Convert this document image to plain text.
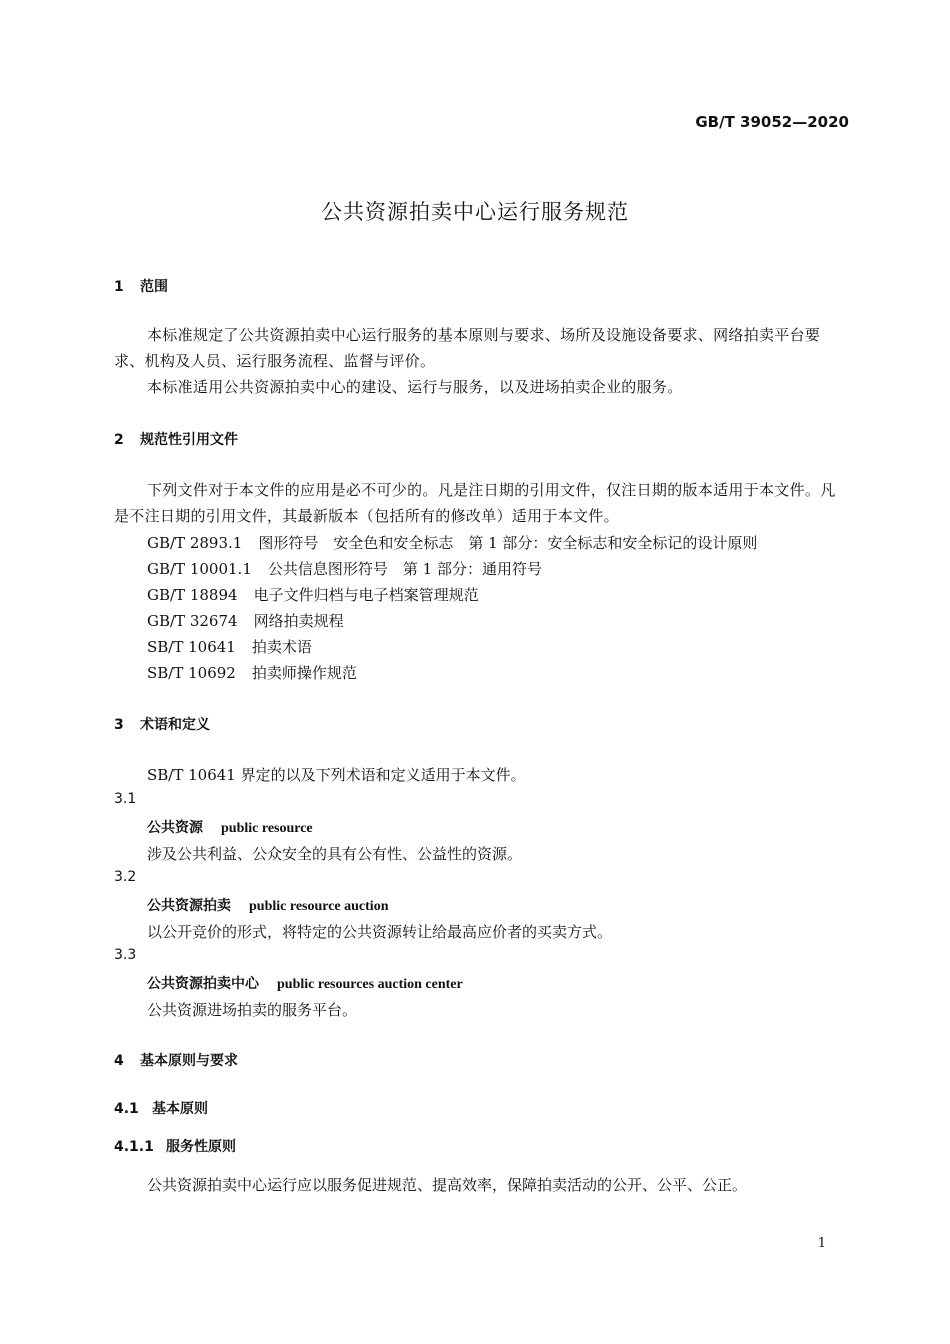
GB/T 39052—2020
公共资源拍卖中心运行服务规范
1 范围
本标准规定了公共资源拍卖中心运行服务的基本原则与要求、场所及设施设备要求、网络拍卖平台要求、机构及人员、运行服务流程、监督与评价。
本标准适用公共资源拍卖中心的建设、运行与服务，以及进场拍卖企业的服务。
2 规范性引用文件
下列文件对于本文件的应用是必不可少的。凡是注日期的引用文件，仅注日期的版本适用于本文件。凡是不注日期的引用文件，其最新版本（包括所有的修改单）适用于本文件。
GB/T 2893.1 图形符号　安全色和安全标志　第 1 部分：安全标志和安全标记的设计原则
GB/T 10001.1 公共信息图形符号　第 1 部分：通用符号
GB/T 18894 电子文件归档与电子档案管理规范
GB/T 32674 网络拍卖规程
SB/T 10641 拍卖术语
SB/T 10692 拍卖师操作规范
3 术语和定义
SB/T 10641 界定的以及下列术语和定义适用于本文件。
3.1
公共资源 public resource
涉及公共利益、公众安全的具有公有性、公益性的资源。
3.2
公共资源拍卖 public resource auction
以公开竞价的形式，将特定的公共资源转让给最高应价者的买卖方式。
3.3
公共资源拍卖中心 public resources auction center
公共资源进场拍卖的服务平台。
4 基本原则与要求
4.1 基本原则
4.1.1 服务性原则
公共资源拍卖中心运行应以服务促进规范、提高效率，保障拍卖活动的公开、公平、公正。
1
